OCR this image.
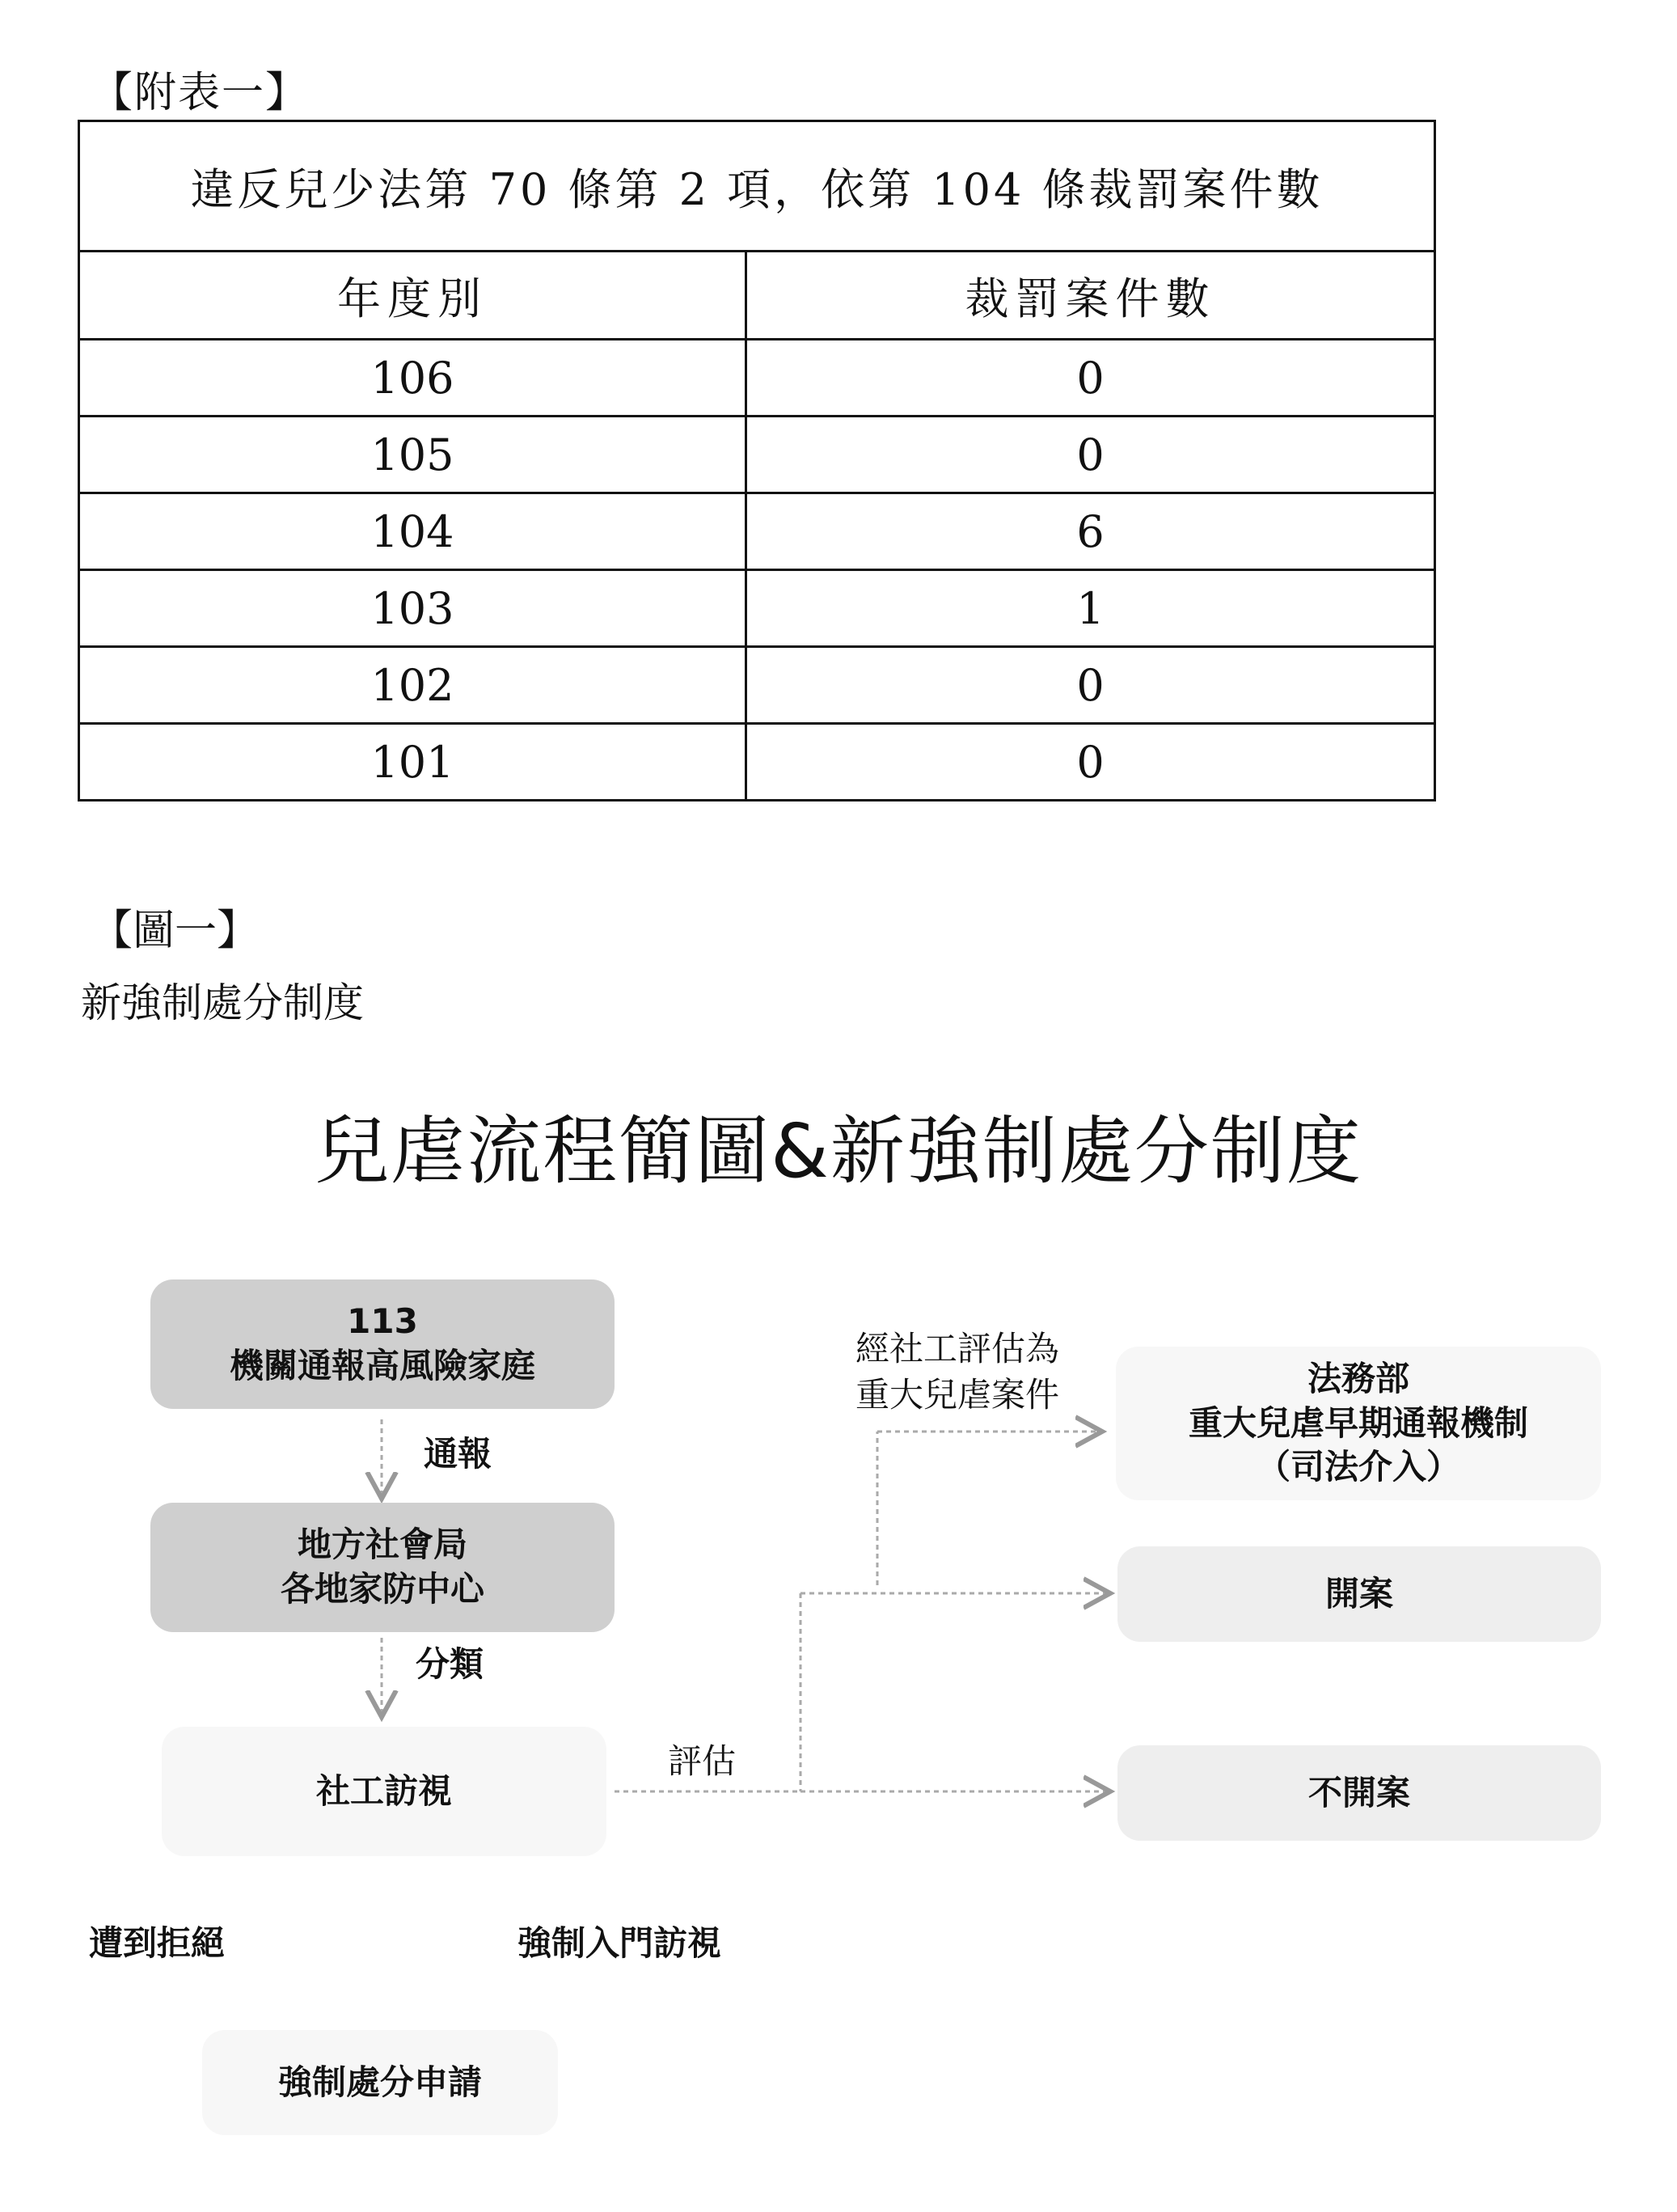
【附表一】
違反兒少法第 70 條第 2 項，依第 104 條裁罰案件數	
年度別	裁罰案件數
106	0
105	0
104	6
103	1
102	0
101	0
【圖一】
新強制處分制度
兒虐流程簡圖&新強制處分制度
113
機關通報高風險家庭
通報
地方社會局
各地家防中心
分類
社工訪視
評估
經社工評估為
重大兒虐案件	法務部
重大兒虐早期通報機制
（司法介入）
開案
不開案
遭到拒絕	強制入門訪視
強制處分申請
